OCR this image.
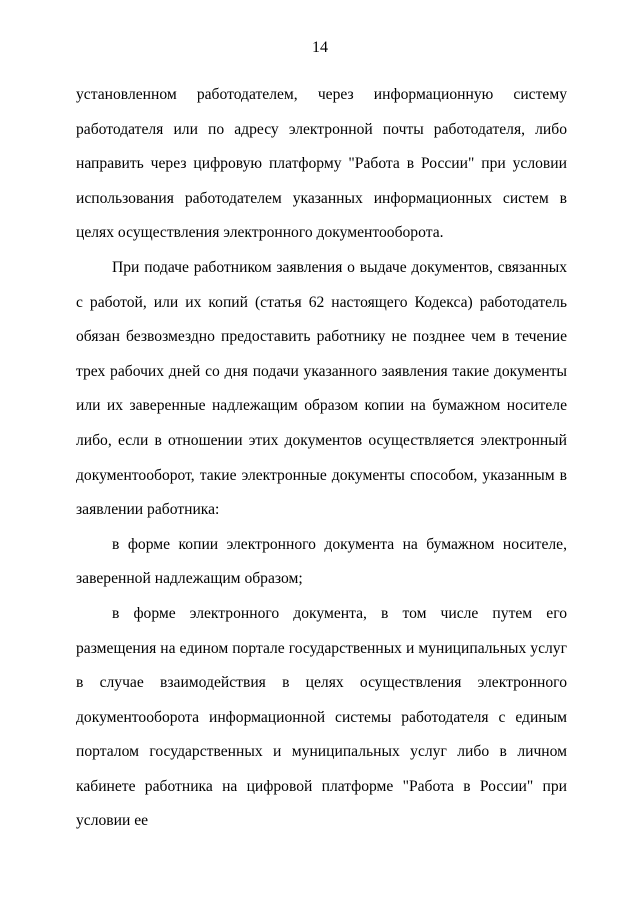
14

установленном работодателем, через информационную систему работодателя или по адресу электронной почты работодателя, либо направить через цифровую платформу "Работа в России" при условии использования работодателем указанных информационных систем в целях осуществления электронного документооборота.

При подаче работником заявления о выдаче документов, связанных с работой, или их копий (статья 62 настоящего Кодекса) работодатель обязан безвозмездно предоставить работнику не позднее чем в течение трех рабочих дней со дня подачи указанного заявления такие документы или их заверенные надлежащим образом копии на бумажном носителе либо, если в отношении этих документов осуществляется электронный документооборот, такие электронные документы способом, указанным в заявлении работника:

в форме копии электронного документа на бумажном носителе, заверенной надлежащим образом;

в форме электронного документа, в том числе путем его размещения на едином портале государственных и муниципальных услуг в случае взаимодействия в целях осуществления электронного документооборота информационной системы работодателя с единым порталом государственных и муниципальных услуг либо в личном кабинете работника на цифровой платформе "Работа в России" при условии ее
